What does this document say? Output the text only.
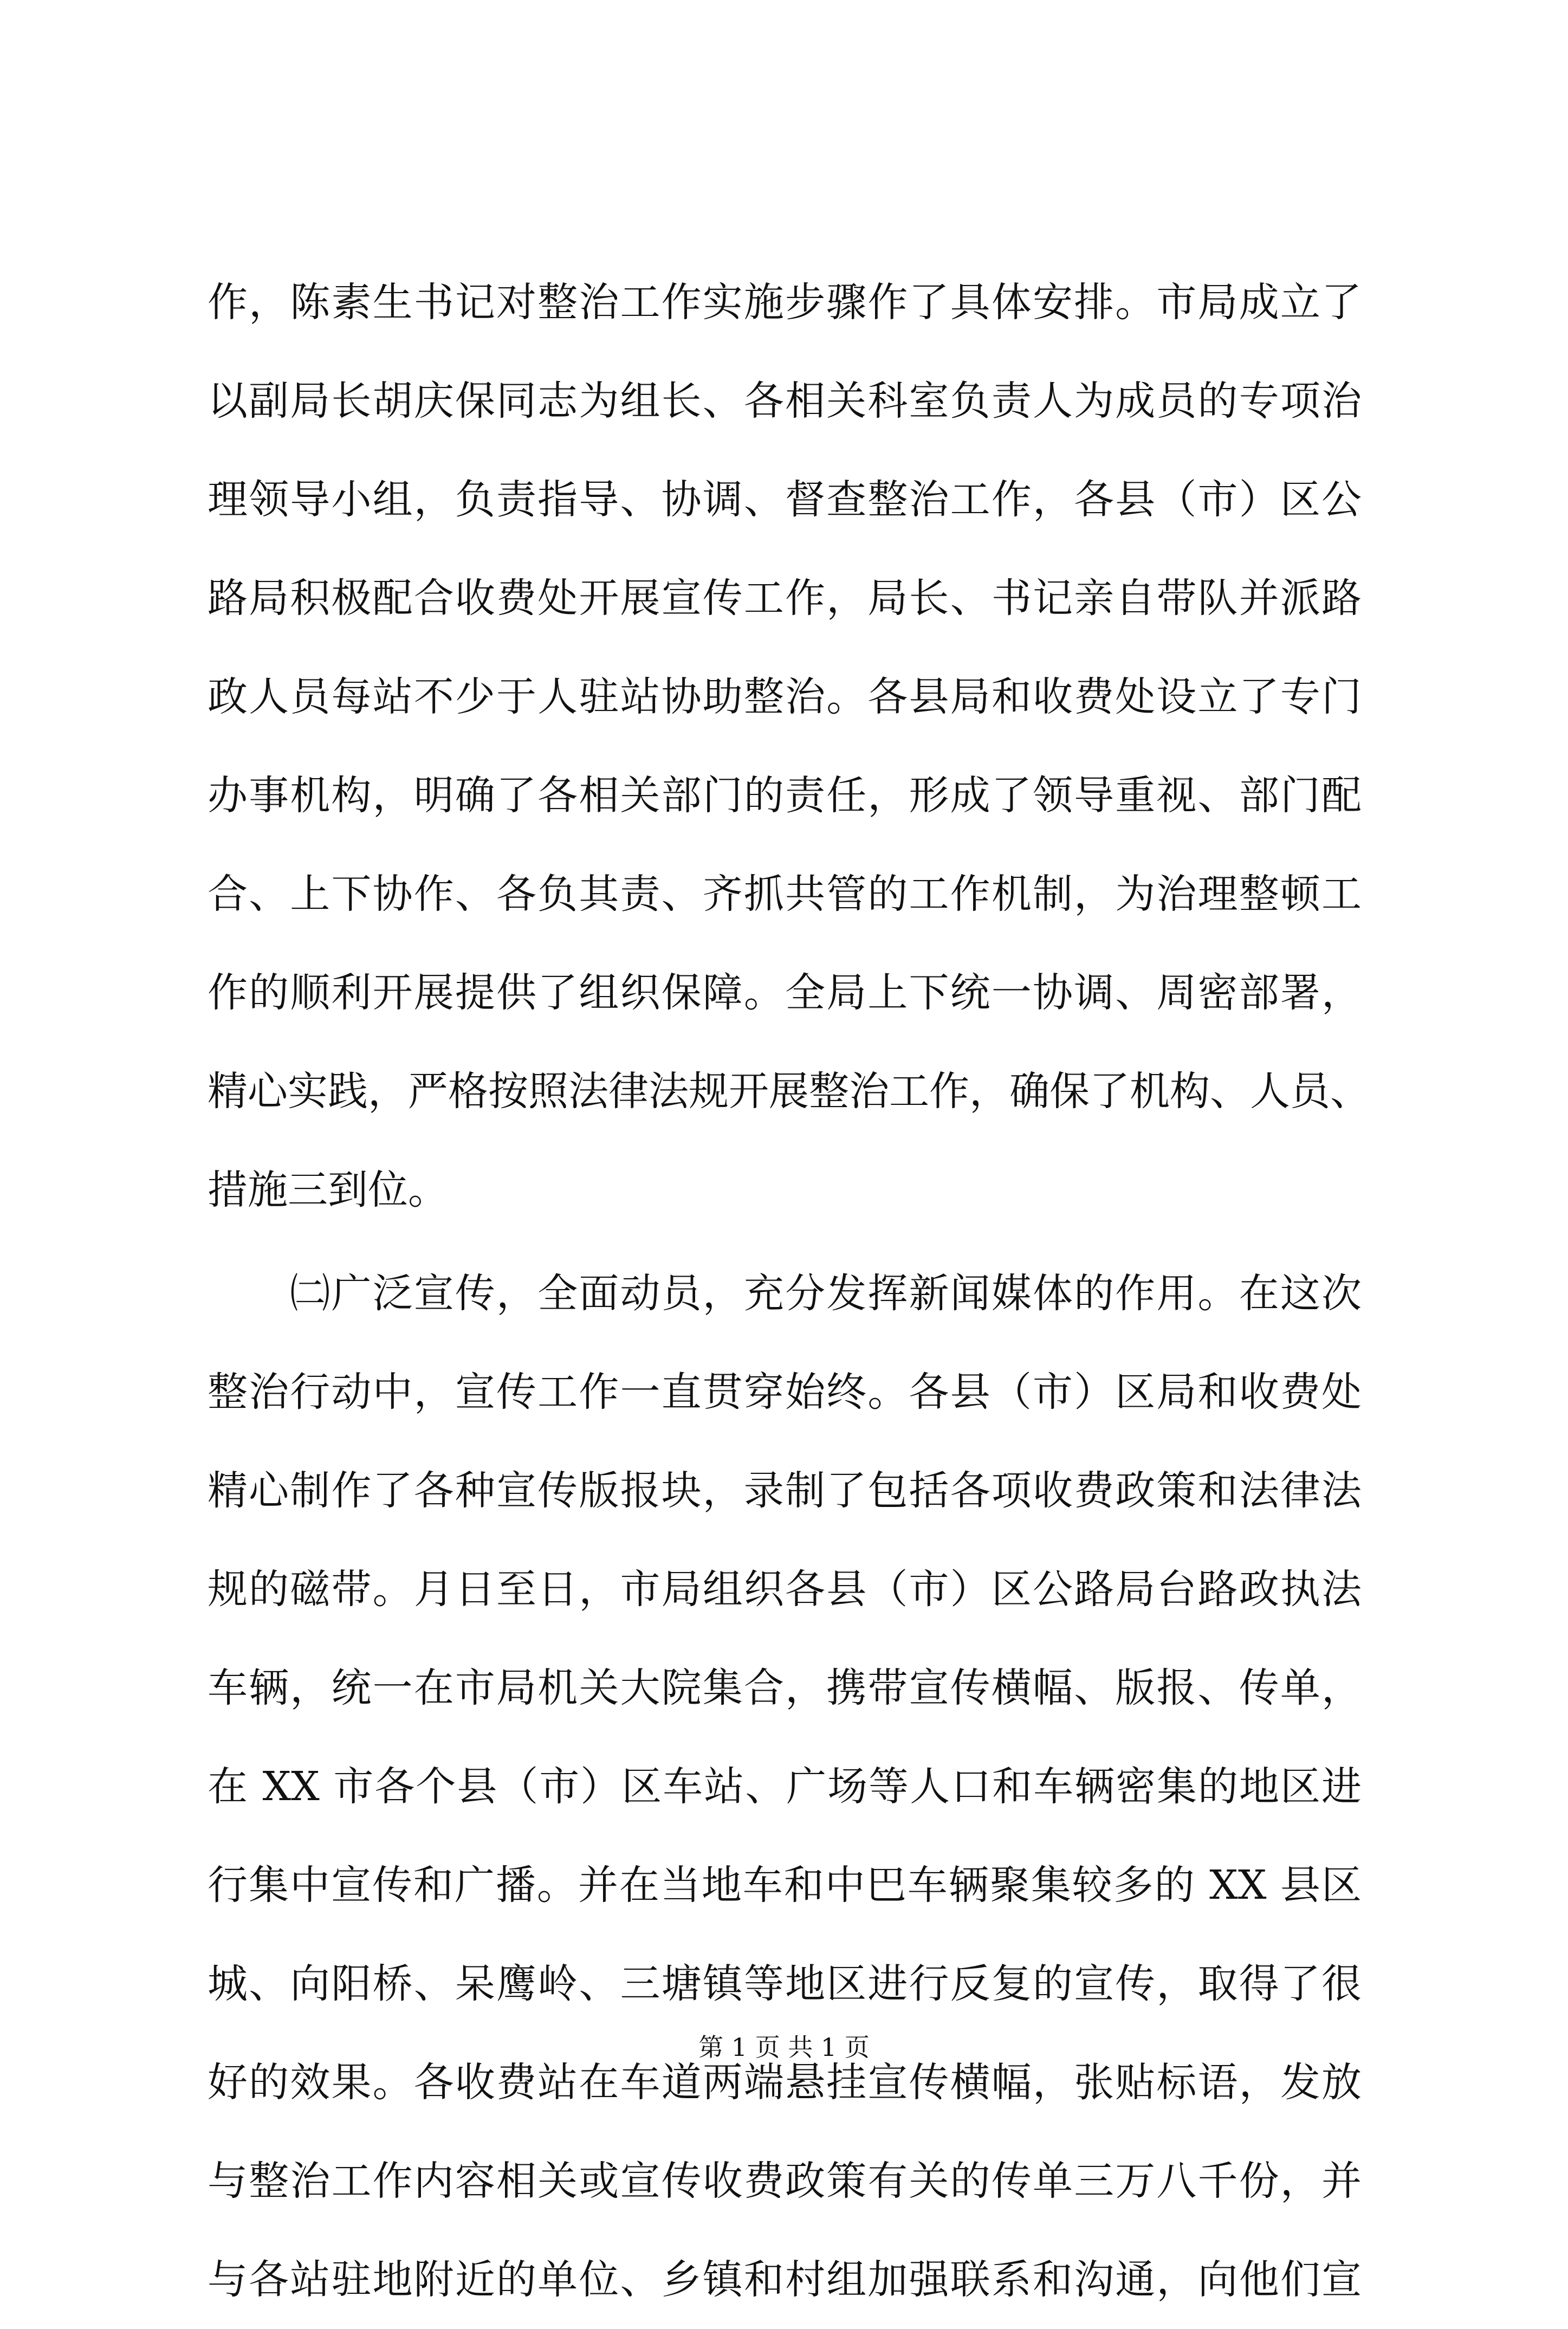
作，陈素生书记对整治工作实施步骤作了具体安排。市局成立了
以副局长胡庆保同志为组长、各相关科室负责人为成员的专项治
理领导小组，负责指导、协调、督查整治工作，各县（市）区公
路局积极配合收费处开展宣传工作，局长、书记亲自带队并派路
政人员每站不少于人驻站协助整治。各县局和收费处设立了专门
办事机构，明确了各相关部门的责任，形成了领导重视、部门配
合、上下协作、各负其责、齐抓共管的工作机制，为治理整顿工
作的顺利开展提供了组织保障。全局上下统一协调、周密部署，
精心实践，严格按照法律法规开展整治工作，确保了机构、人员、
措施三到位。
　　㈡广泛宣传，全面动员，充分发挥新闻媒体的作用。在这次
整治行动中，宣传工作一直贯穿始终。各县（市）区局和收费处
精心制作了各种宣传版报块，录制了包括各项收费政策和法律法
规的磁带。月日至日，市局组织各县（市）区公路局台路政执法
车辆，统一在市局机关大院集合，携带宣传横幅、版报、传单，
在 XX 市各个县（市）区车站、广场等人口和车辆密集的地区进
行集中宣传和广播。并在当地车和中巴车辆聚集较多的 XX 县区
城、向阳桥、呆鹰岭、三塘镇等地区进行反复的宣传，取得了很
好的效果。各收费站在车道两端悬挂宣传横幅，张贴标语，发放
与整治工作内容相关或宣传收费政策有关的传单三万八千份，并
与各站驻地附近的单位、乡镇和村组加强联系和沟通，向他们宣
第 1 页 共 1 页
